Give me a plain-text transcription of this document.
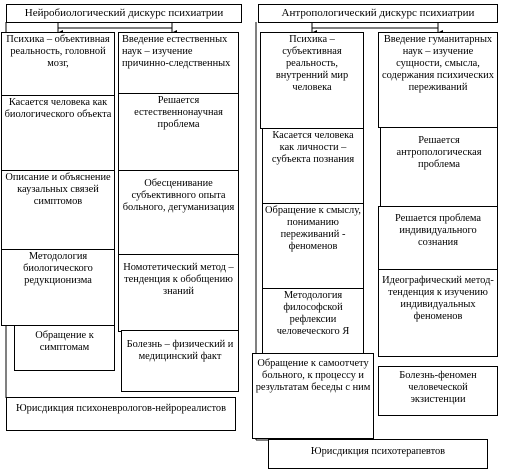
Нейробиологический дискурс психиатрии
Психика – объективная реальность, головной мозг,
Касается человека как биологического объекта
Описание и объяснение каузальных связей симптомов
Методология биологического редукционизма
Обращение к симптомам
Введение естественных наук – изучение причинно-следственных
Решается естественнонаучная проблема
Обесценивание субъективного опыта больного, дегуманизация
Номотетический метод – тенденция к обобщению знаний
Болезнь – физический и медицинский факт
Юрисдикция психоневрологов-нейрореалистов
Антропологический дискурс психиатрии
Психика – субъективная реальность, внутренний мир человека
Касается человека как личности – субъекта познания
Обращение к смыслу, пониманию переживаний - феноменов
Методология философской рефлексии человеческого Я
Обращение к самоотчету больного, к процессу и результатам беседы с ним
Введение гуманитарных наук – изучение сущности, смысла, содержания психических переживаний
Решается антропологическая проблема
Решается проблема индивидуального сознания
Идеографический метод-тенденция к изучению индивидуальных феноменов
Болезнь-феномен человеческой экзистенции
Юрисдикция психотерапевтов
